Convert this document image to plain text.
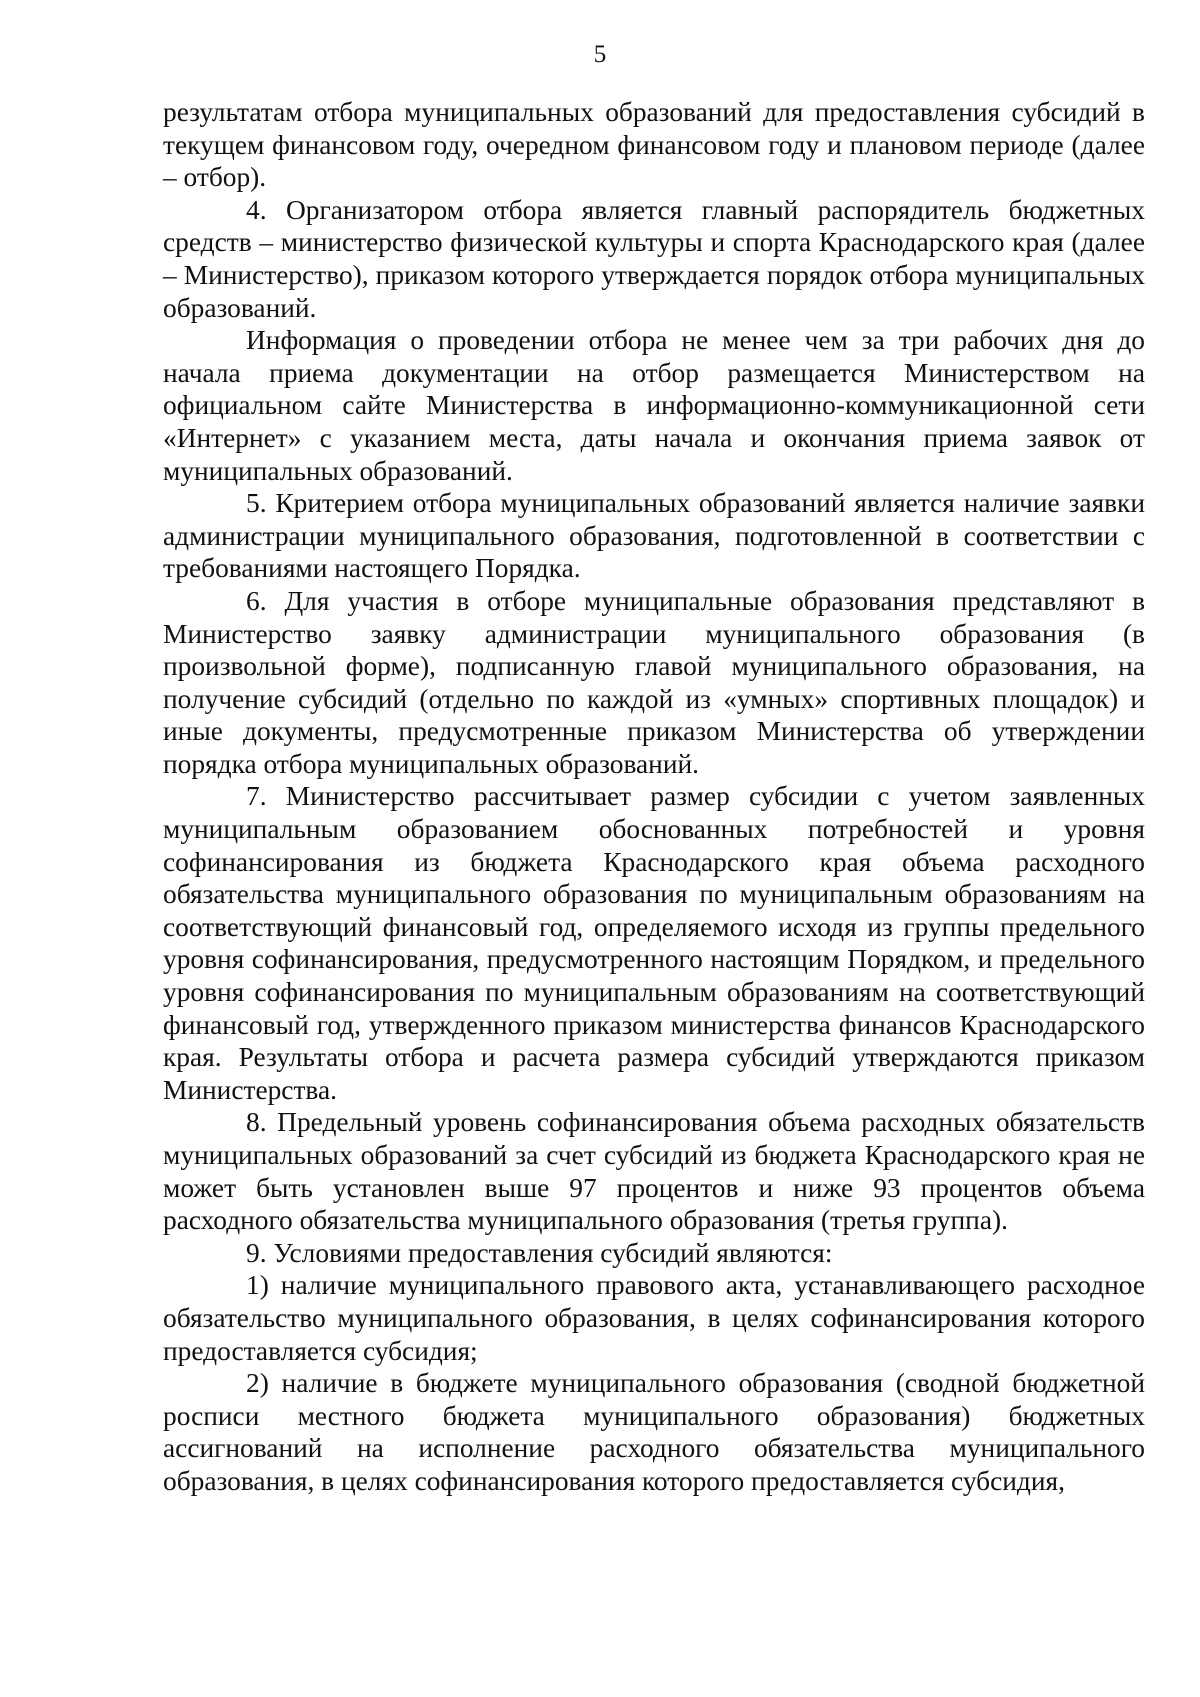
5

результатам отбора муниципальных образований для предоставления субсидий в текущем финансовом году, очередном финансовом году и плановом периоде (далее – отбор).

4. Организатором отбора является главный распорядитель бюджетных средств – министерство физической культуры и спорта Краснодарского края (далее – Министерство), приказом которого утверждается порядок отбора муниципальных образований.

Информация о проведении отбора не менее чем за три рабочих дня до начала приема документации на отбор размещается Министерством на официальном сайте Министерства в информационно-коммуникационной сети «Интернет» с указанием места, даты начала и окончания приема заявок от муниципальных образований.

5. Критерием отбора муниципальных образований является наличие заявки администрации муниципального образования, подготовленной в соответствии с требованиями настоящего Порядка.

6. Для участия в отборе муниципальные образования представляют в Министерство заявку администрации муниципального образования (в произвольной форме), подписанную главой муниципального образования, на получение субсидий (отдельно по каждой из «умных» спортивных площадок) и иные документы, предусмотренные приказом Министерства об утверждении порядка отбора муниципальных образований.

7. Министерство рассчитывает размер субсидии с учетом заявленных муниципальным образованием обоснованных потребностей и уровня софинансирования из бюджета Краснодарского края объема расходного обязательства муниципального образования по муниципальным образованиям на соответствующий финансовый год, определяемого исходя из группы предельного уровня софинансирования, предусмотренного настоящим Порядком, и предельного уровня софинансирования по муниципальным образованиям на соответствующий финансовый год, утвержденного приказом министерства финансов Краснодарского края. Результаты отбора и расчета размера субсидий утверждаются приказом Министерства.

8. Предельный уровень софинансирования объема расходных обязательств муниципальных образований за счет субсидий из бюджета Краснодарского края не может быть установлен выше 97 процентов и ниже 93 процентов объема расходного обязательства муниципального образования (третья группа).

9. Условиями предоставления субсидий являются:

1) наличие муниципального правового акта, устанавливающего расходное обязательство муниципального образования, в целях софинансирования которого предоставляется субсидия;

2) наличие в бюджете муниципального образования (сводной бюджетной росписи местного бюджета муниципального образования) бюджетных ассигнований на исполнение расходного обязательства муниципального образования, в целях софинансирования которого предоставляется субсидия,
